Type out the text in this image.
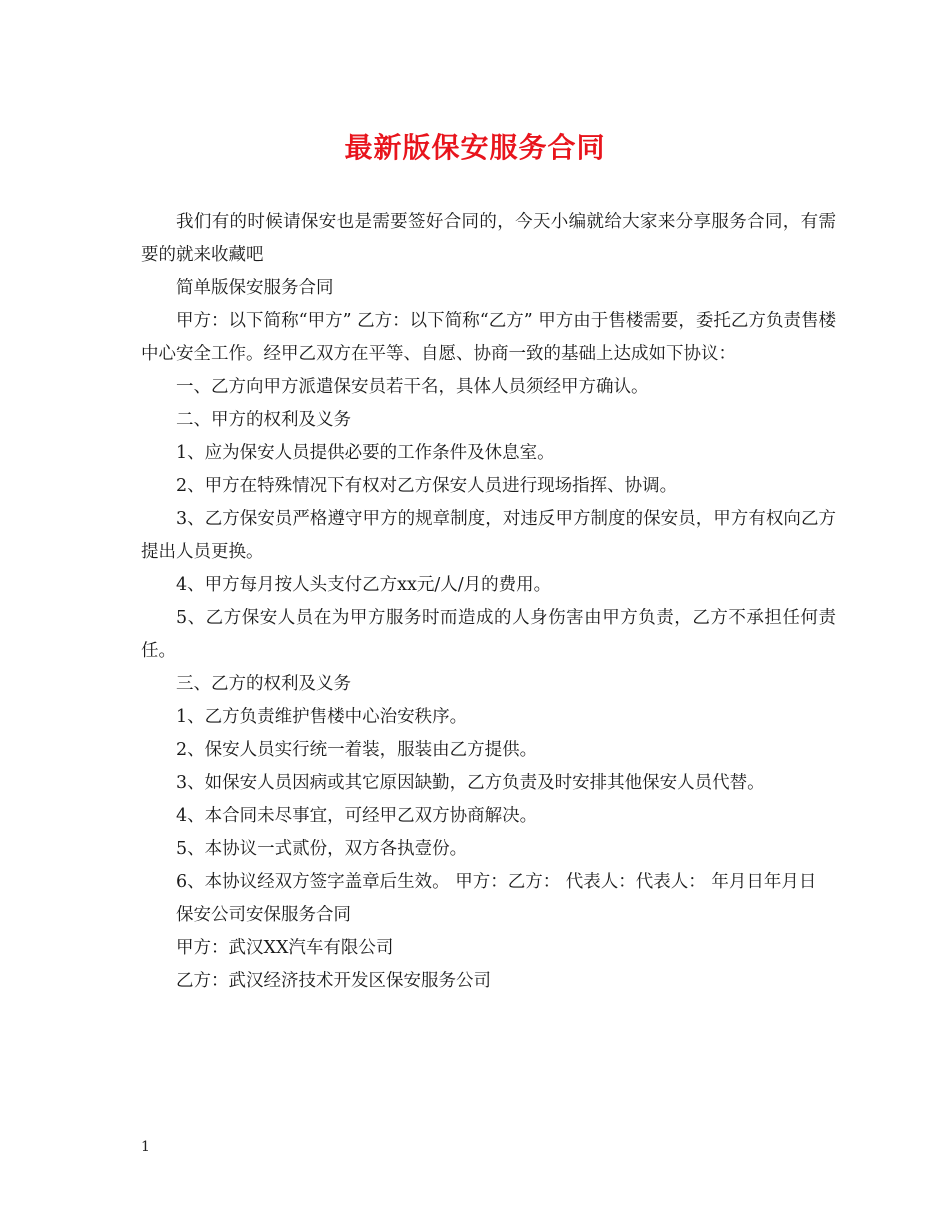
最新版保安服务合同

我们有的时候请保安也是需要签好合同的，今天小编就给大家来分享服务合同，有需要的就来收藏吧

简单版保安服务合同

甲方：以下简称“甲方” 乙方：以下简称“乙方” 甲方由于售楼需要，委托乙方负责售楼中心安全工作。经甲乙双方在平等、自愿、协商一致的基础上达成如下协议：

一、乙方向甲方派遣保安员若干名，具体人员须经甲方确认。

二、甲方的权利及义务

1、应为保安人员提供必要的工作条件及休息室。

2、甲方在特殊情况下有权对乙方保安人员进行现场指挥、协调。

3、乙方保安员严格遵守甲方的规章制度，对违反甲方制度的保安员，甲方有权向乙方提出人员更换。

4、甲方每月按人头支付乙方xx元/人/月的费用。

5、乙方保安人员在为甲方服务时而造成的人身伤害由甲方负责，乙方不承担任何责任。

三、乙方的权利及义务

1、乙方负责维护售楼中心治安秩序。

2、保安人员实行统一着装，服装由乙方提供。

3、如保安人员因病或其它原因缺勤，乙方负责及时安排其他保安人员代替。

4、本合同未尽事宜，可经甲乙双方协商解决。

5、本协议一式贰份，双方各执壹份。

6、本协议经双方签字盖章后生效。 甲方：乙方： 代表人：代表人： 年月日年月日

保安公司安保服务合同

甲方：武汉XX汽车有限公司

乙方：武汉经济技术开发区保安服务公司

1
